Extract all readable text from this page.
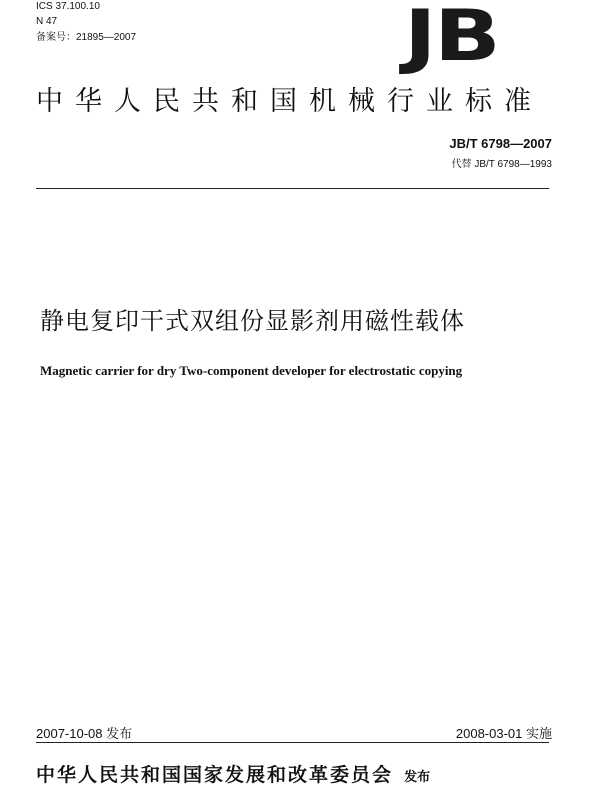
ICS 37.100.10
N 47
备案号：21895—2007	JB
中华人民共和国机械行业标准
JB/T 6798—2007
代替 JB/T 6798—1993
静电复印干式双组份显影剂用磁性载体
Magnetic carrier for dry Two-component developer for electrostatic copying
2007-10-08 发布	2008-03-01 实施
中华人民共和国国家发展和改革委员会 发布
